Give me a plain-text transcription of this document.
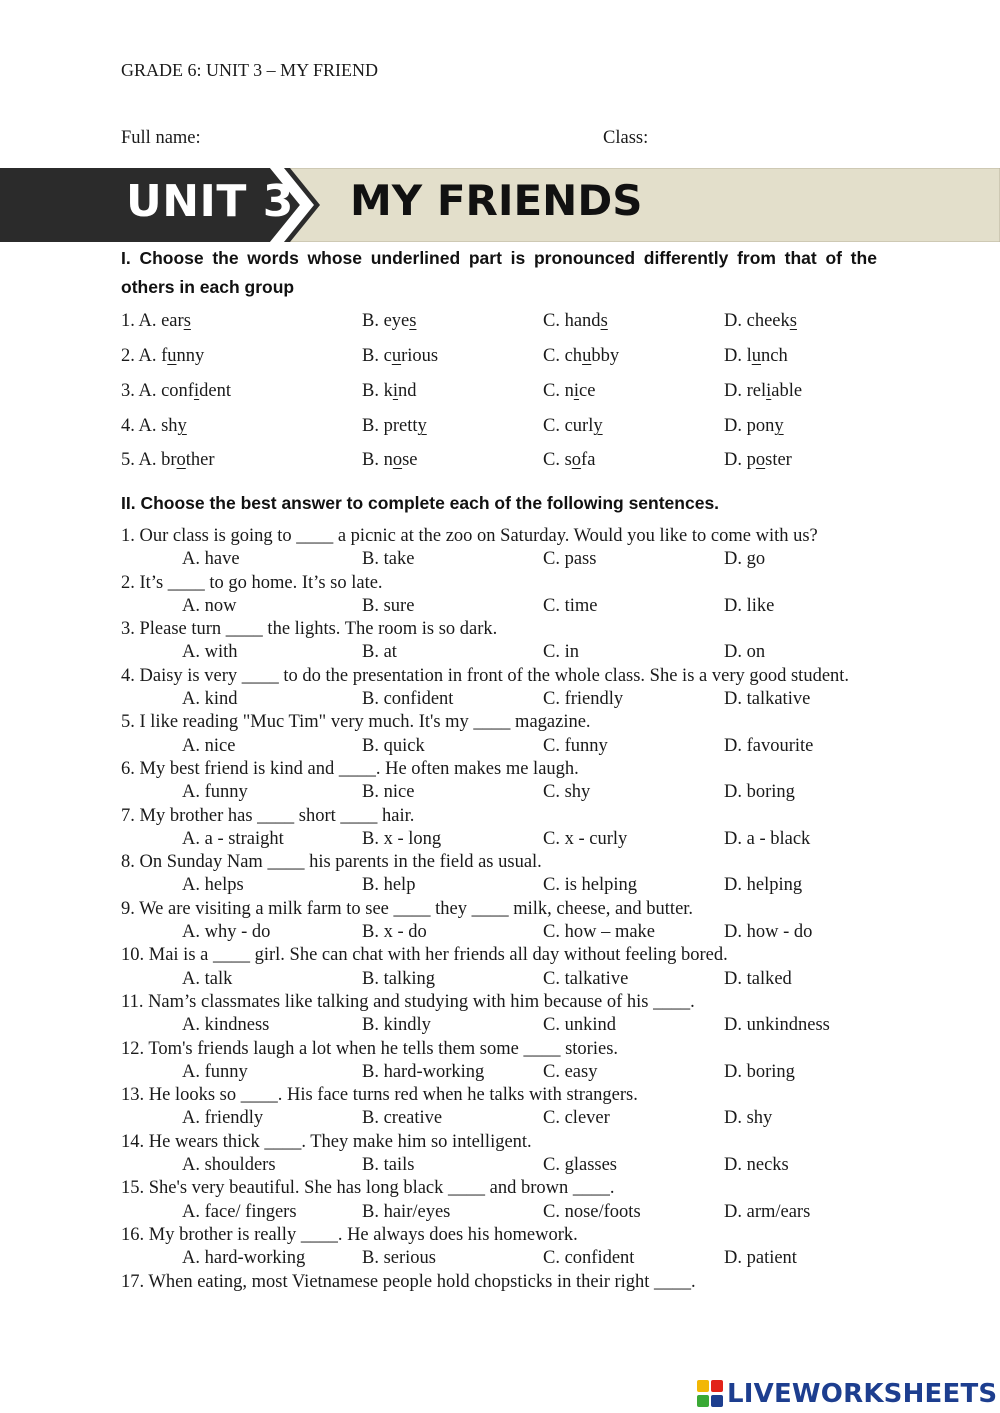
GRADE 6: UNIT 3 – MY FRIEND
Full name:	Class:
UNIT 3 MY FRIENDS
I. Choose the words whose underlined part is pronounced differently from that of the
others in each group
1. A. ears	B. eyes	C. hands	D. cheeks
2. A. funny	B. curious	C. chubby	D. lunch
3. A. confident	B. kind	C. nice	D. reliable
4. A. shy	B. pretty	C. curly	D. pony
5. A. brother	B. nose	C. sofa	D. poster
II. Choose the best answer to complete each of the following sentences.
1. Our class is going to ____ a picnic at the zoo on Saturday. Would you like to come with us?
A. have	B. take	C. pass	D. go
2. It’s ____ to go home. It’s so late.
A. now	B. sure	C. time	D. like
3. Please turn ____ the lights. The room is so dark.
A. with	B. at	C. in	D. on
4. Daisy is very ____ to do the presentation in front of the whole class. She is a very good student.
A. kind	B. confident	C. friendly	D. talkative
5. I like reading "Muc Tim" very much. It's my ____ magazine.
A. nice	B. quick	C. funny	D. favourite
6. My best friend is kind and ____. He often makes me laugh.
A. funny	B. nice	C. shy	D. boring
7. My brother has ____ short ____ hair.
A. a - straight	B. x - long	C. x - curly	D. a - black
8. On Sunday Nam ____ his parents in the field as usual.
A. helps	B. help	C. is helping	D. helping
9. We are visiting a milk farm to see ____ they ____ milk, cheese, and butter.
A. why - do	B. x - do	C. how – make	D. how - do
10. Mai is a ____ girl. She can chat with her friends all day without feeling bored.
A. talk	B. talking	C. talkative	D. talked
11. Nam’s classmates like talking and studying with him because of his ____.
A. kindness	B. kindly	C. unkind	D. unkindness
12. Tom's friends laugh a lot when he tells them some ____ stories.
A. funny	B. hard-working	C. easy	D. boring
13. He looks so ____. His face turns red when he talks with strangers.
A. friendly	B. creative	C. clever	D. shy
14. He wears thick ____. They make him so intelligent.
A. shoulders	B. tails	C. glasses	D. necks
15. She's very beautiful. She has long black ____ and brown ____.
A. face/ fingers	B. hair/eyes	C. nose/foots	D. arm/ears
16. My brother is really ____. He always does his homework.
A. hard-working	B. serious	C. confident	D. patient
17. When eating, most Vietnamese people hold chopsticks in their right ____.
LIVEWORKSHEETS
